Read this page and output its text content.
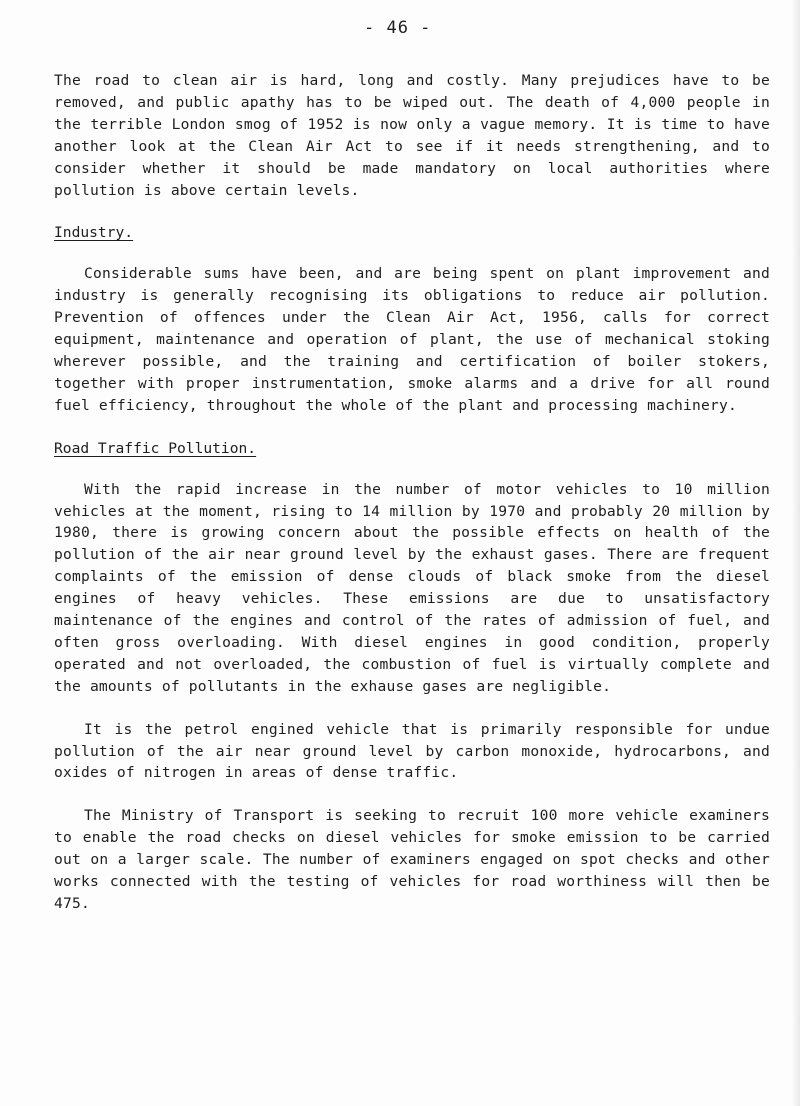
- 46 -

The road to clean air is hard, long and costly. Many prejudices have to be removed, and public apathy has to be wiped out. The death of 4,000 people in the terrible London smog of 1952 is now only a vague memory. It is time to have another look at the Clean Air Act to see if it needs strengthening, and to consider whether it should be made mandatory on local authorities where pollution is above certain levels.

Industry.

Considerable sums have been, and are being spent on plant improvement and industry is generally recognising its obligations to reduce air pollution. Prevention of offences under the Clean Air Act, 1956, calls for correct equipment, maintenance and operation of plant, the use of mechanical stoking wherever possible, and the training and certification of boiler stokers, together with proper instrumentation, smoke alarms and a drive for all round fuel efficiency, throughout the whole of the plant and processing machinery.

Road Traffic Pollution.

With the rapid increase in the number of motor vehicles to 10 million vehicles at the moment, rising to 14 million by 1970 and probably 20 million by 1980, there is growing concern about the possible effects on health of the pollution of the air near ground level by the exhaust gases. There are frequent complaints of the emission of dense clouds of black smoke from the diesel engines of heavy vehicles. These emissions are due to unsatisfactory maintenance of the engines and control of the rates of admission of fuel, and often gross overloading. With diesel engines in good condition, properly operated and not overloaded, the combustion of fuel is virtually complete and the amounts of pollutants in the exhause gases are negligible.

It is the petrol engined vehicle that is primarily responsible for undue pollution of the air near ground level by carbon monoxide, hydrocarbons, and oxides of nitrogen in areas of dense traffic.

The Ministry of Transport is seeking to recruit 100 more vehicle examiners to enable the road checks on diesel vehicles for smoke emission to be carried out on a larger scale. The number of examiners engaged on spot checks and other works connected with the testing of vehicles for road worthiness will then be 475.
